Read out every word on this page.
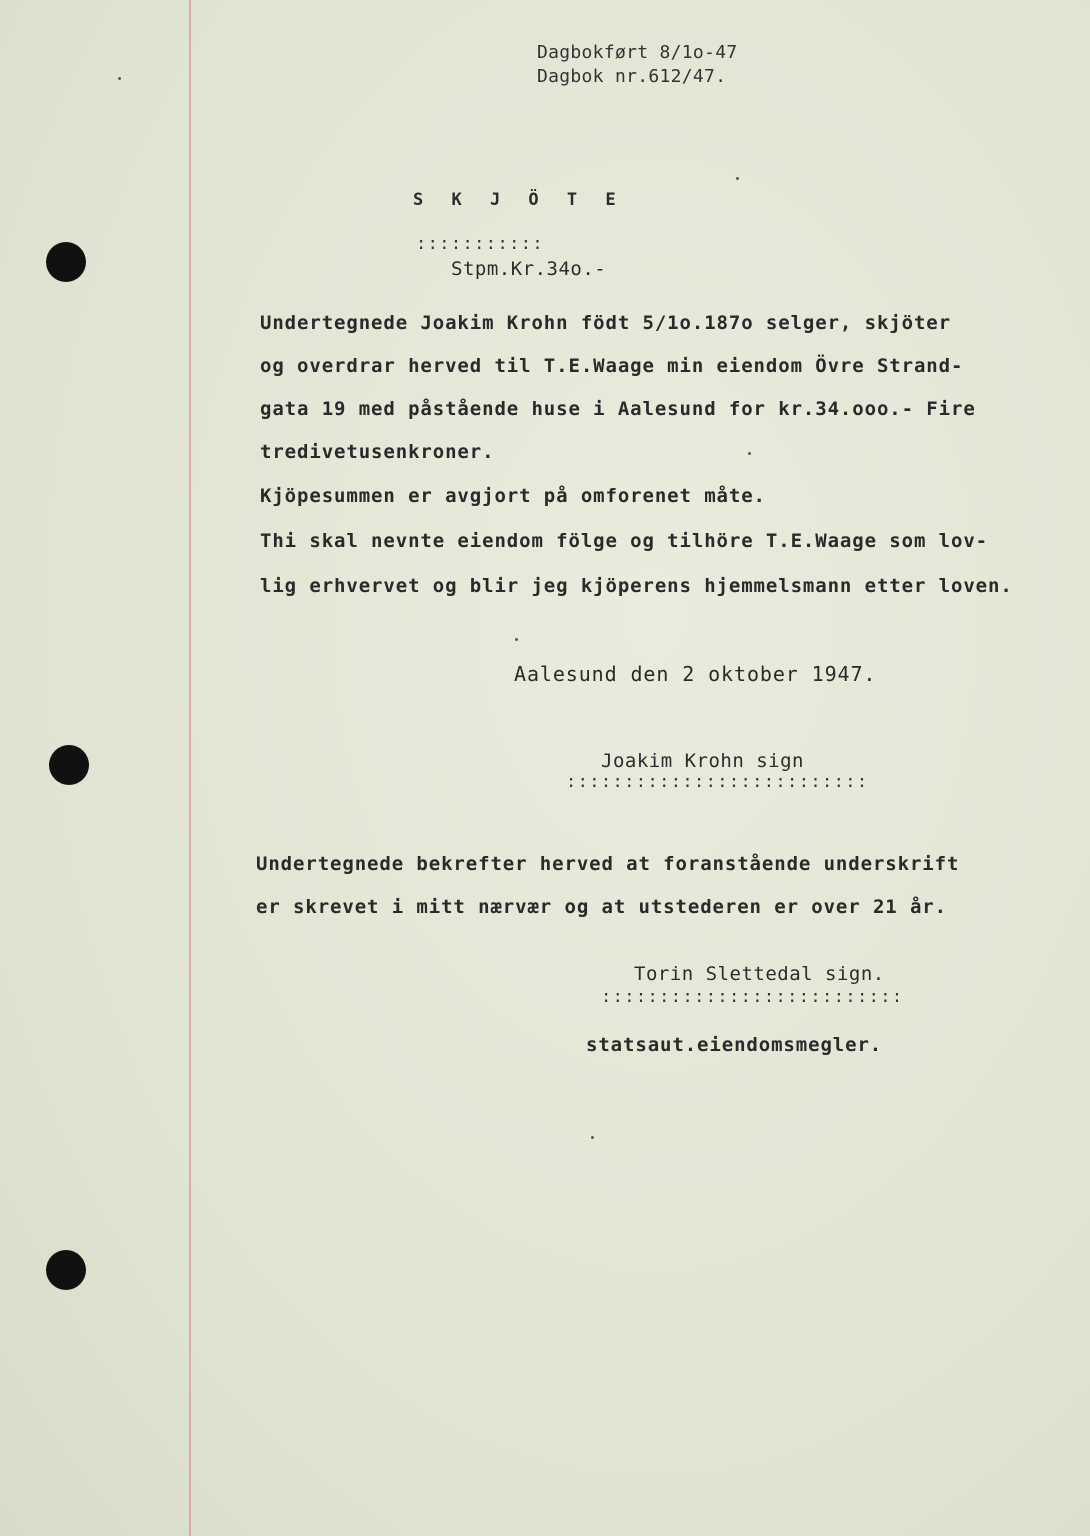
Dagbokført 8/1o-47
Dagbok nr.612/47.
S K J Ö T E
:::::::::::
Stpm.Kr.34o.-
Undertegnede Joakim Krohn födt 5/1o.187o selger, skjöter
og overdrar herved til T.E.Waage min eiendom Övre Strand-
gata 19 med påstående huse i Aalesund for kr.34.ooo.- Fire
tredivetusenkroner.
Kjöpesummen er avgjort på omforenet måte.
Thi skal nevnte eiendom fölge og tilhöre T.E.Waage som lov-
lig erhvervet og blir jeg kjöperens hjemmelsmann etter loven.
Aalesund den 2 oktober 1947.
Joakim Krohn sign
::::::::::::::::::::::::::
Undertegnede bekrefter herved at foranstående underskrift
er skrevet i mitt nærvær og at utstederen er over 21 år.
Torin Slettedal sign.
::::::::::::::::::::::::::
statsaut.eiendomsmegler.
